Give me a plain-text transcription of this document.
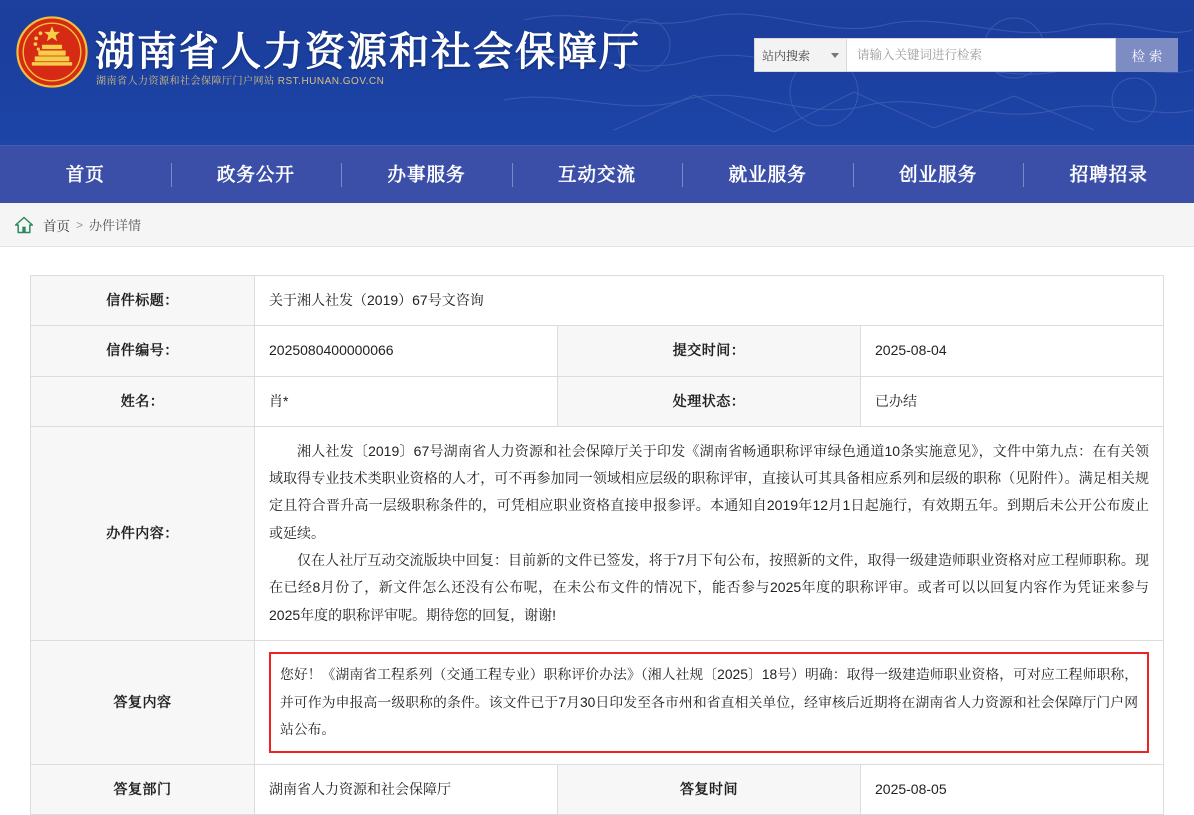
湖南省人力资源和社会保障厅
湖南省人力资源和社会保障厅门户网站 RST.HUNAN.GOV.CN
站内搜索
请输入关键词进行检索	检 索
首页	政务公开	办事服务	互动交流	就业服务	创业服务	招聘招录
首页 > 办件详情
信件标题：	关于湘人社发（2019）67号文咨询		
信件编号：	2025080400000066	提交时间：	2025-08-04
姓名：	肖*	处理状态：	已办结
办件内容：	湘人社发〔2019〕67号湖南省人力资源和社会保障厅关于印发《湖南省畅通职称评审绿色通道10条实施意见》，文件中第九点：在有关领域取得专业技术类职业资格的人才，可不再参加同一领域相应层级的职称评审，直接认可其具备相应系列和层级的职称（见附件）。满足相关规定且符合晋升高一层级职称条件的，可凭相应职业资格直接申报参评。本通知自2019年12月1日起施行，有效期五年。到期后未公开公布废止或延续。

仅在人社厅互动交流版块中回复：目前新的文件已签发，将于7月下旬公布，按照新的文件，取得一级建造师职业资格对应工程师职称。现在已经8月份了，新文件怎么还没有公布呢，在未公布文件的情况下，能否参与2025年度的职称评审。或者可以以回复内容作为凭证来参与2025年度的职称评审呢。期待您的回复，谢谢!		

答复内容	您好！《湖南省工程系列（交通工程专业）职称评价办法》（湘人社规〔2025〕18号）明确：取得一级建造师职业资格，可对应工程师职称，并可作为申报高一级职称的条件。该文件已于7月30日印发至各市州和省直相关单位，经审核后近期将在湖南省人力资源和社会保障厅门户网站公布。		

答复部门	湖南省人力资源和社会保障厅	答复时间	2025-08-05
